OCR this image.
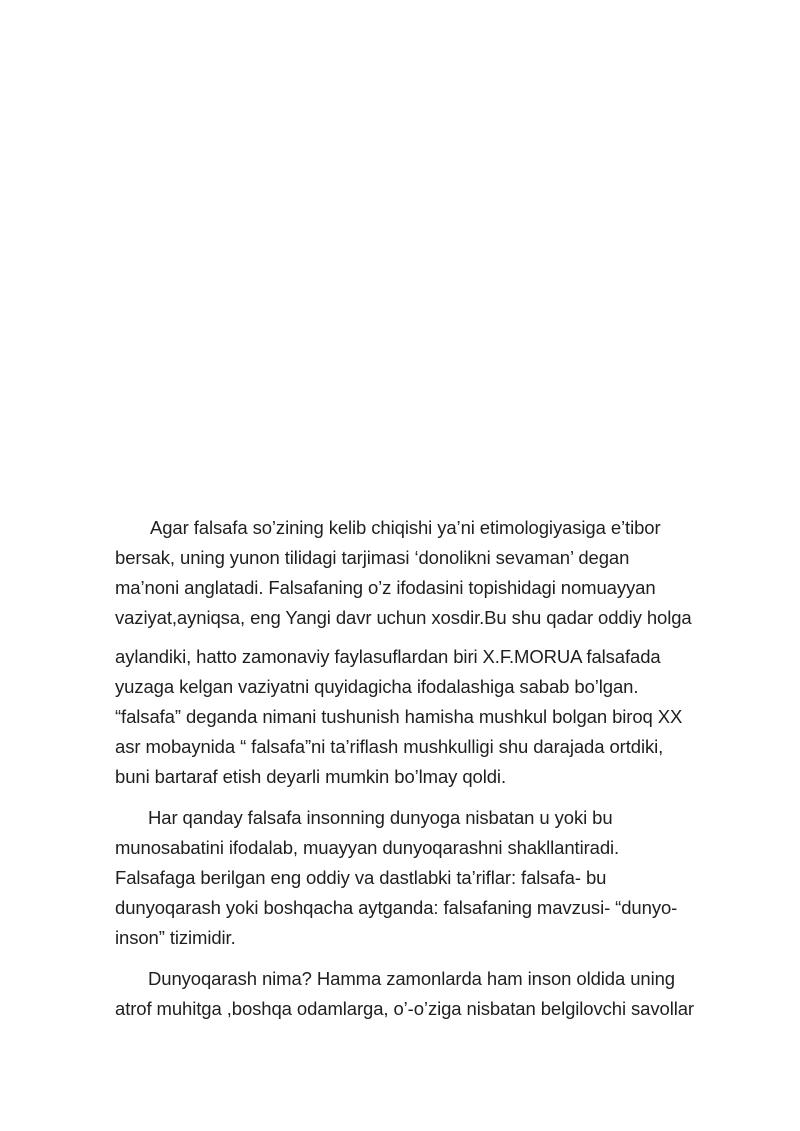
Agar falsafa so’zining kelib chiqishi ya’ni etimologiyasiga e’tibor
bersak, uning yunon tilidagi tarjimasi ‘donolikni sevaman’ degan
ma’noni anglatadi. Falsafaning o’z ifodasini topishidagi nomuayyan
vaziyat,ayniqsa, eng Yangi davr uchun xosdir.Bu shu qadar oddiy holga
aylandiki, hatto zamonaviy faylasuflardan biri X.F.MORUA falsafada
yuzaga kelgan vaziyatni quyidagicha ifodalashiga sabab bo’lgan.
“falsafa” deganda nimani tushunish hamisha mushkul bolgan biroq XX
asr mobaynida “ falsafa”ni ta’riflash mushkulligi shu darajada ortdiki,
buni bartaraf etish deyarli mumkin bo’lmay qoldi.
Har qanday falsafa insonning dunyoga nisbatan u yoki bu
munosabatini ifodalab, muayyan dunyoqarashni shakllantiradi.
Falsafaga berilgan eng oddiy va dastlabki ta’riflar: falsafa- bu
dunyoqarash yoki boshqacha aytganda: falsafaning mavzusi- “dunyo-
inson” tizimidir.
Dunyoqarash nima? Hamma zamonlarda ham inson oldida uning
atrof muhitga ,boshqa odamlarga, o’-o’ziga nisbatan belgilovchi savollar
